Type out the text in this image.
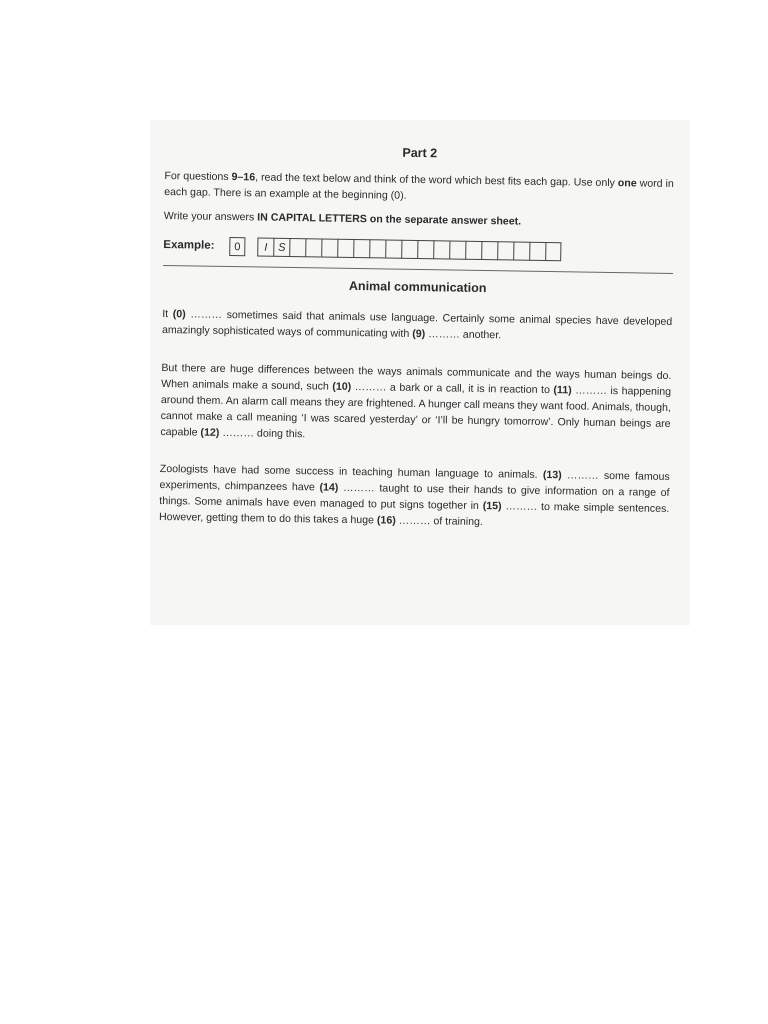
Part 2

For questions 9–16, read the text below and think of the word which best fits each gap. Use only one word in each gap. There is an example at the beginning (0).

Write your answers IN CAPITAL LETTERS on the separate answer sheet.

Example:	0	I S
Animal communication

It (0) ……… sometimes said that animals use language. Certainly some animal species have developed amazingly sophisticated ways of communicating with (9) ……… another.

But there are huge differences between the ways animals communicate and the ways human beings do. When animals make a sound, such (10) ……… a bark or a call, it is in reaction to (11) ……… is happening around them. An alarm call means they are frightened. A hunger call means they want food. Animals, though, cannot make a call meaning ‘I was scared yesterday’ or ‘I’ll be hungry tomorrow’. Only human beings are capable (12) ……… doing this.

Zoologists have had some success in teaching human language to animals. (13) ……… some famous experiments, chimpanzees have (14) ……… taught to use their hands to give information on a range of things. Some animals have even managed to put signs together in (15) ……… to make simple sentences. However, getting them to do this takes a huge (16) ……… of training.
